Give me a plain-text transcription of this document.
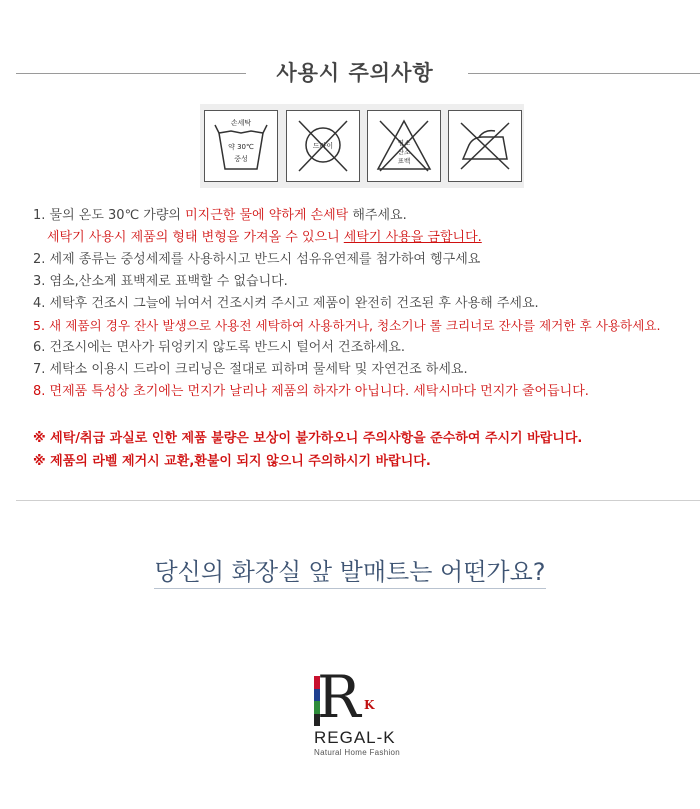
사용시 주의사항
손세탁
약 30℃
중성
드라이	염소
산소
표백
1. 물의 온도 30℃ 가량의 미지근한 물에 약하게 손세탁 해주세요.
세탁기 사용시 제품의 형태 변형을 가져올 수 있으니 세탁기 사용을 금합니다.
2. 세제 종류는 중성세제를 사용하시고 반드시 섬유유연제를 첨가하여 헹구세요
3. 염소,산소계 표백제로 표백할 수 없습니다.
4. 세탁후 건조시 그늘에 뉘여서 건조시켜 주시고 제품이 완전히 건조된 후 사용해 주세요.
5. 새 제품의 경우 잔사 발생으로 사용전 세탁하여 사용하거나, 청소기나 롤 크리너로 잔사를 제거한 후 사용하세요.
6. 건조시에는 면사가 뒤엉키지 않도록 반드시 털어서 건조하세요.
7. 세탁소 이용시 드라이 크리닝은 절대로 피하며 물세탁 및 자연건조 하세요.
8. 면제품 특성상 초기에는 먼지가 날리나 제품의 하자가 아닙니다. 세탁시마다 먼지가 줄어듭니다.
※ 세탁/취급 과실로 인한 제품 불량은 보상이 불가하오니 주의사항을 준수하여 주시기 바랍니다.
※ 제품의 라벨 제거시 교환,환불이 되지 않으니 주의하시기 바랍니다.
당신의 화장실 앞 발매트는 어떤가요?
R K
REGAL-K
Natural Home Fashion
